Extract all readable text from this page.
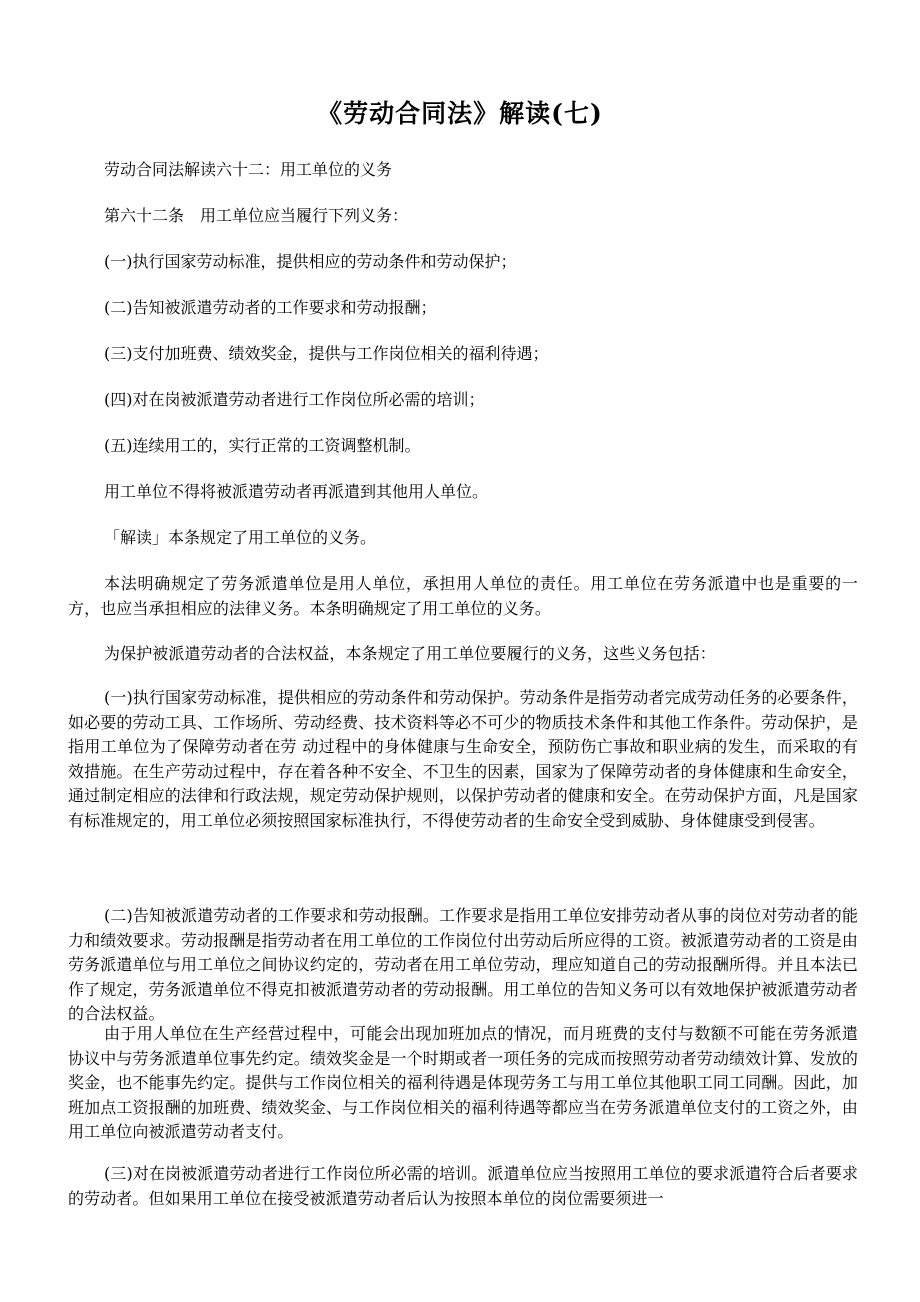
《劳动合同法》解读(七)

劳动合同法解读六十二：用工单位的义务

第六十二条　用工单位应当履行下列义务：

(一)执行国家劳动标准，提供相应的劳动条件和劳动保护；

(二)告知被派遣劳动者的工作要求和劳动报酬；

(三)支付加班费、绩效奖金，提供与工作岗位相关的福利待遇；

(四)对在岗被派遣劳动者进行工作岗位所必需的培训；

(五)连续用工的，实行正常的工资调整机制。

用工单位不得将被派遣劳动者再派遣到其他用人单位。

「解读」本条规定了用工单位的义务。

本法明确规定了劳务派遣单位是用人单位，承担用人单位的责任。用工单位在劳务派遣中也是重要的一方，也应当承担相应的法律义务。本条明确规定了用工单位的义务。

为保护被派遣劳动者的合法权益，本条规定了用工单位要履行的义务，这些义务包括：

(一)执行国家劳动标准，提供相应的劳动条件和劳动保护。劳动条件是指劳动者完成劳动任务的必要条件，如必要的劳动工具、工作场所、劳动经费、技术资料等必不可少的物质技术条件和其他工作条件。劳动保护，是指用工单位为了保障劳动者在劳 动过程中的身体健康与生命安全，预防伤亡事故和职业病的发生，而采取的有效措施。在生产劳动过程中，存在着各种不安全、不卫生的因素，国家为了保障劳动者的身体健康和生命安全，通过制定相应的法律和行政法规，规定劳动保护规则，以保护劳动者的健康和安全。在劳动保护方面，凡是国家有标准规定的，用工单位必须按照国家标准执行，不得使劳动者的生命安全受到威胁、身体健康受到侵害。

(二)告知被派遣劳动者的工作要求和劳动报酬。工作要求是指用工单位安排劳动者从事的岗位对劳动者的能力和绩效要求。劳动报酬是指劳动者在用工单位的工作岗位付出劳动后所应得的工资。被派遣劳动者的工资是由劳务派遣单位与用工单位之间协议约定的，劳动者在用工单位劳动，理应知道自己的劳动报酬所得。并且本法已作了规定，劳务派遣单位不得克扣被派遣劳动者的劳动报酬。用工单位的告知义务可以有效地保护被派遣劳动者的合法权益。

由于用人单位在生产经营过程中，可能会出现加班加点的情况，而月班费的支付与数额不可能在劳务派遣协议中与劳务派遣单位事先约定。绩效奖金是一个时期或者一项任务的完成而按照劳动者劳动绩效计算、发放的奖金，也不能事先约定。提供与工作岗位相关的福利待遇是体现劳务工与用工单位其他职工同工同酬。因此，加班加点工资报酬的加班费、绩效奖金、与工作岗位相关的福利待遇等都应当在劳务派遣单位支付的工资之外，由用工单位向被派遣劳动者支付。

(三)对在岗被派遣劳动者进行工作岗位所必需的培训。派遣单位应当按照用工单位的要求派遣符合后者要求的劳动者。但如果用工单位在接受被派遣劳动者后认为按照本单位的岗位需要须进一
